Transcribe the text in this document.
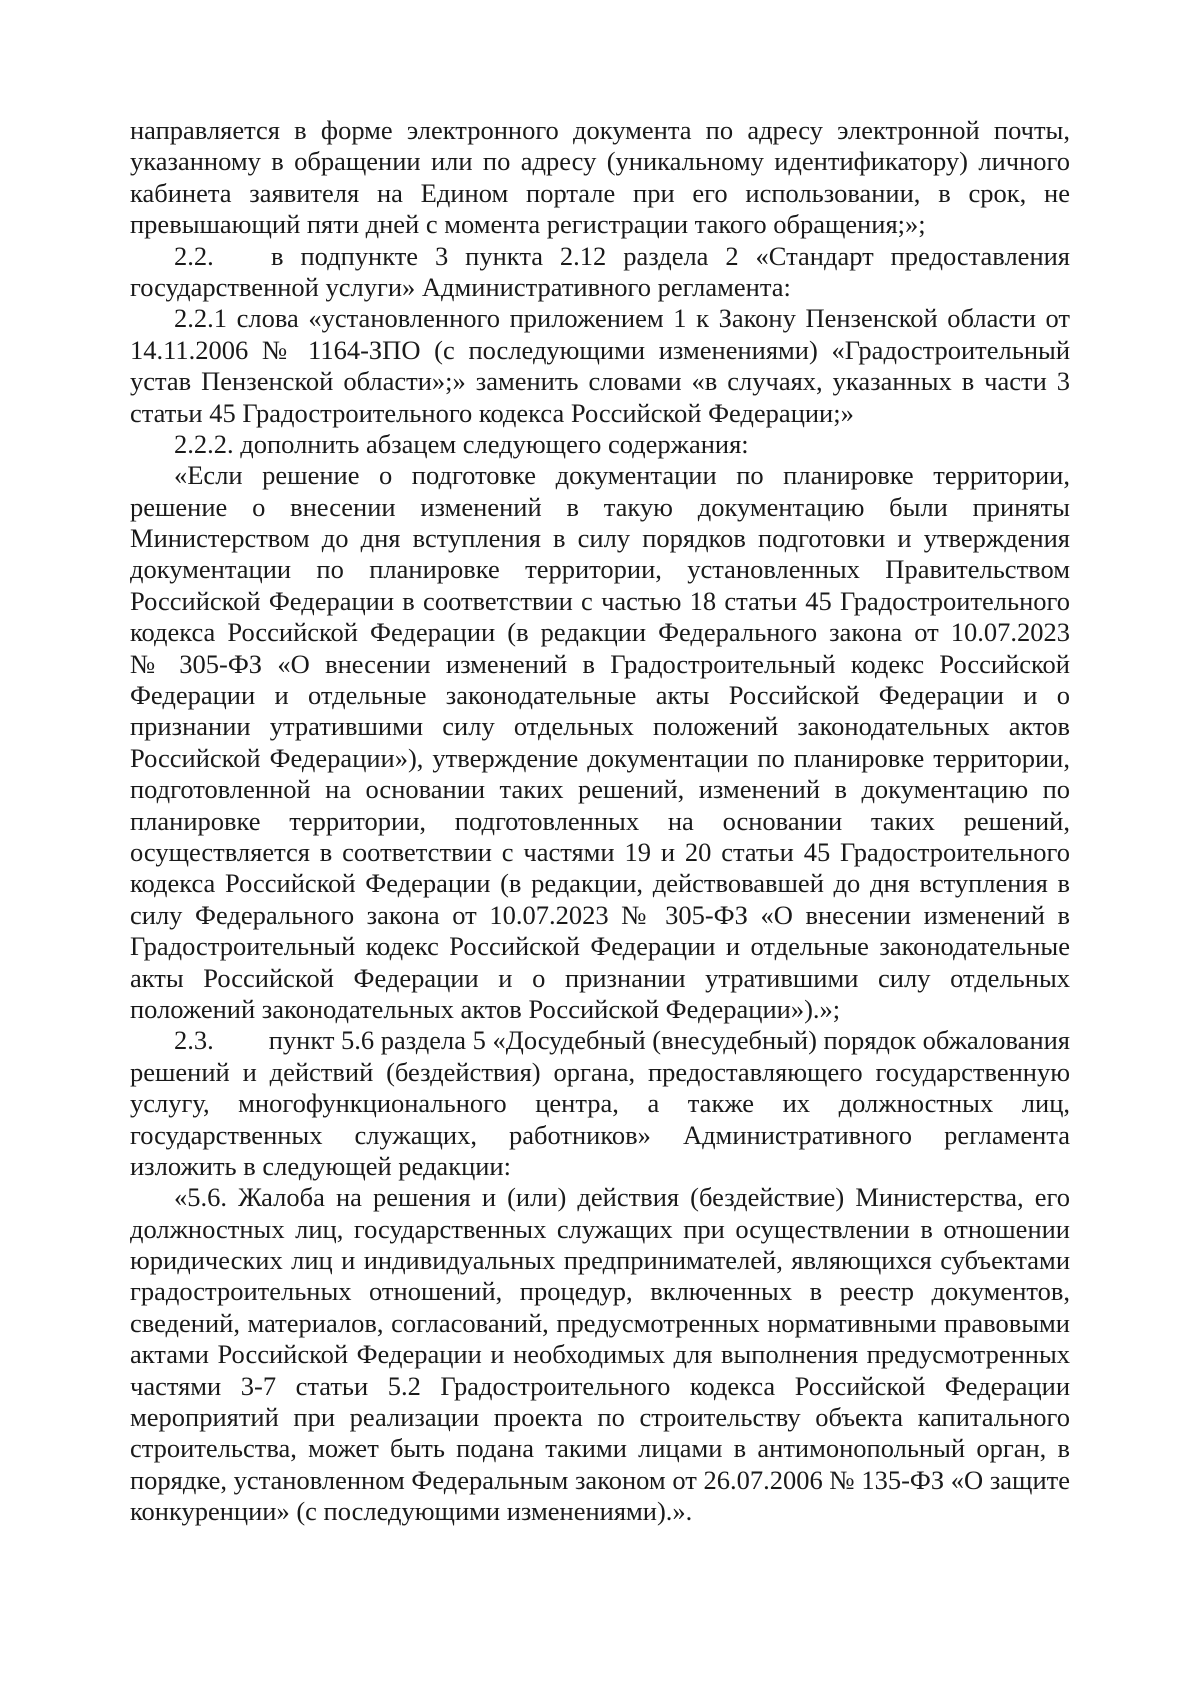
направляется в форме электронного документа по адресу электронной почты,
указанному в обращении или по адресу (уникальному идентификатору) личного
кабинета заявителя на Едином портале при его использовании, в срок, не
превышающий пяти дней с момента регистрации такого обращения;»;
2.2.	в подпункте 3 пункта 2.12 раздела 2 «Стандарт предоставления
государственной услуги» Административного регламента:
2.2.1 слова «установленного приложением 1 к Закону Пензенской области от
14.11.2006 № 1164-ЗПО (с последующими изменениями) «Градостроительный
устав Пензенской области»;» заменить словами «в случаях, указанных в части 3
статьи 45 Градостроительного кодекса Российской Федерации;»
2.2.2. дополнить абзацем следующего содержания:
«Если решение о подготовке документации по планировке территории,
решение о внесении изменений в такую документацию были приняты
Министерством до дня вступления в силу порядков подготовки и утверждения
документации по планировке территории, установленных Правительством
Российской Федерации в соответствии с частью 18 статьи 45 Градостроительного
кодекса Российской Федерации (в редакции Федерального закона от 10.07.2023
№ 305-ФЗ «О внесении изменений в Градостроительный кодекс Российской
Федерации и отдельные законодательные акты Российской Федерации и о
признании утратившими силу отдельных положений законодательных актов
Российской Федерации»), утверждение документации по планировке территории,
подготовленной на основании таких решений, изменений в документацию по
планировке территории, подготовленных на основании таких решений,
осуществляется в соответствии с частями 19 и 20 статьи 45 Градостроительного
кодекса Российской Федерации (в редакции, действовавшей до дня вступления в
силу Федерального закона от 10.07.2023 № 305-ФЗ «О внесении изменений в
Градостроительный кодекс Российской Федерации и отдельные законодательные
акты Российской Федерации и о признании утратившими силу отдельных
положений законодательных актов Российской Федерации»).»;
2.3.	пункт 5.6 раздела 5 «Досудебный (внесудебный) порядок обжалования
решений и действий (бездействия) органа, предоставляющего государственную
услугу, многофункционального центра, а также их должностных лиц,
государственных служащих, работников» Административного регламента
изложить в следующей редакции:
«5.6. Жалоба на решения и (или) действия (бездействие) Министерства, его
должностных лиц, государственных служащих при осуществлении в отношении
юридических лиц и индивидуальных предпринимателей, являющихся субъектами
градостроительных отношений, процедур, включенных в реестр документов,
сведений, материалов, согласований, предусмотренных нормативными правовыми
актами Российской Федерации и необходимых для выполнения предусмотренных
частями 3-7 статьи 5.2 Градостроительного кодекса Российской Федерации
мероприятий при реализации проекта по строительству объекта капитального
строительства, может быть подана такими лицами в антимонопольный орган, в
порядке, установленном Федеральным законом от 26.07.2006 № 135-ФЗ «О защите
конкуренции» (с последующими изменениями).».
